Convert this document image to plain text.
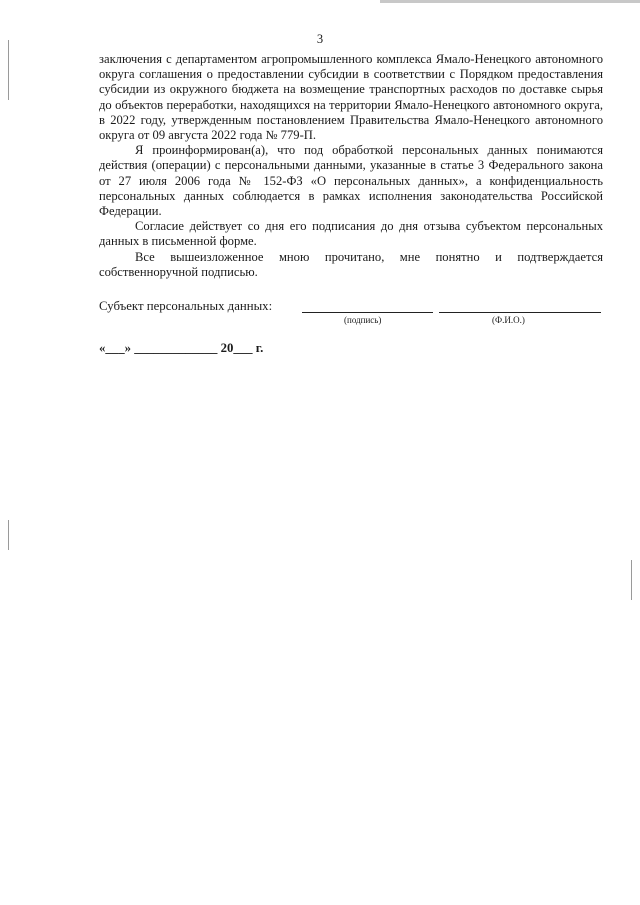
3

заключения с департаментом агропромышленного комплекса Ямало-Ненецкого автономного округа соглашения о предоставлении субсидии в соответствии с Порядком предоставления субсидии из окружного бюджета на возмещение транспортных расходов по доставке сырья до объектов переработки, находящихся на территории Ямало-Ненецкого автономного округа, в 2022 году, утвержденным постановлением Правительства Ямало-Ненецкого автономного округа от 09 августа 2022 года № 779-П.

Я проинформирован(а), что под обработкой персональных данных понимаются действия (операции) с персональными данными, указанные в статье 3 Федерального закона от 27 июля 2006 года № 152-ФЗ «О персональных данных», а конфиденциальность персональных данных соблюдается в рамках исполнения законодательства Российской Федерации.

Согласие действует со дня его подписания до дня отзыва субъектом персональных данных в письменной форме.

Все вышеизложенное мною прочитано, мне понятно и подтверждается собственноручной подписью.

Субъект персональных данных:
(подпись)	(Ф.И.О.)
«___» _____________ 20___ г.
